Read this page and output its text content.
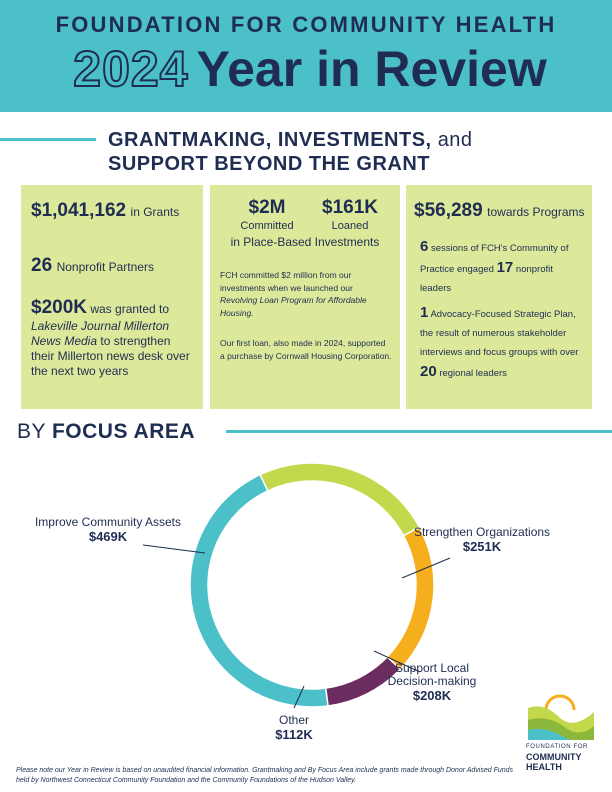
FOUNDATION FOR COMMUNITY HEALTH
2024 Year in Review
GRANTMAKING, INVESTMENTS, and
SUPPORT BEYOND THE GRANT
$1,041,162 in Grants
26 Nonprofit Partners
$200K was granted to Lakeville Journal Millerton News Media to strengthen their Millerton news desk over the next two years
$2M
Committed
$161K
Loaned
in Place-Based Investments
FCH committed $2 million from our investments when we launched our Revolving Loan Program for Affordable Housing.
Our first loan, also made in 2024, supported a purchase by Cornwall Housing Corporation.
$56,289 towards Programs
6 sessions of FCH's Community of Practice engaged 17 nonprofit leaders
1 Advocacy-Focused Strategic Plan, the result of numerous stakeholder interviews and focus groups with over 20 regional leaders
BY FOCUS AREA
Improve Community Assets
$469K	Strengthen Organizations
$251K
Support Local
Decision-making
$208K
Other
$112K
FOUNDATION FOR
COMMUNITY
HEALTH
Please note our Year in Review is based on unaudited financial information. Grantmaking and By Focus Area include grants made through Donor Advised Funds held by Northwest Connecticut Community Foundation and the Community Foundations of the Hudson Valley.
